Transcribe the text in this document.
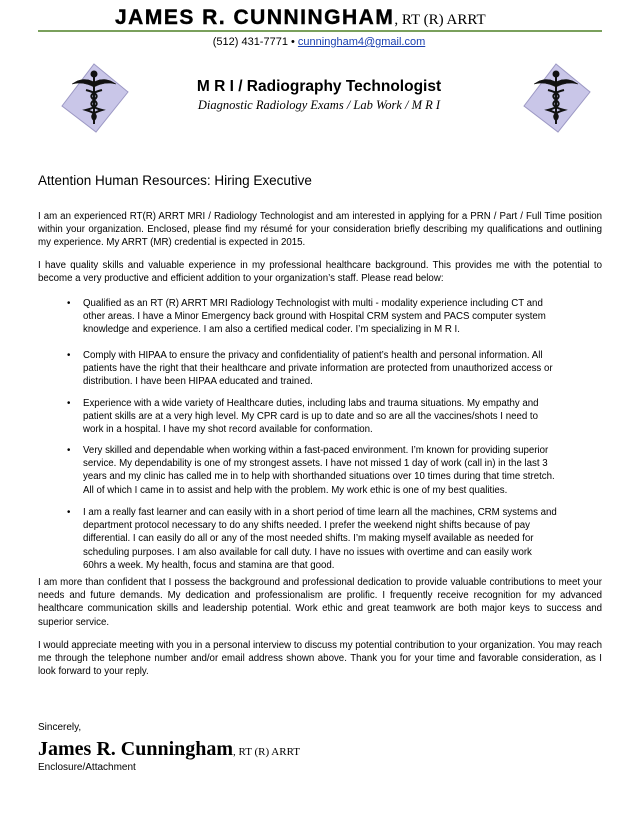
JAMES R. CUNNINGHAM, RT (R) ARRT
(512) 431-7771 • cunningham4@gmail.com
M R I / Radiography Technologist
Diagnostic Radiology Exams / Lab Work / M R I
Attention Human Resources: Hiring Executive
I am an experienced RT(R) ARRT MRI / Radiology Technologist and am interested in applying for a PRN / Part / Full Time position within your organization. Enclosed, please find my résumé for your consideration briefly describing my qualifications and outlining my experience. My ARRT (MR) credential is expected in 2015.
I have quality skills and valuable experience in my professional healthcare background. This provides me with the potential to become a very productive and efficient addition to your organization’s staff. Please read below:
• Qualified as an RT (R) ARRT MRI Radiology Technologist with multi - modality experience including CT and other areas. I have a Minor Emergency back ground with Hospital CRM system and PACS computer system knowledge and experience. I am also a certified medical coder. I’m specializing in M R I.
• Comply with HIPAA to ensure the privacy and confidentiality of patient’s health and personal information. All patients have the right that their healthcare and private information are protected from unauthorized access or distribution. I have been HIPAA educated and trained.
• Experience with a wide variety of Healthcare duties, including labs and trauma situations. My empathy and patient skills are at a very high level. My CPR card is up to date and so are all the vaccines/shots I need to work in a hospital. I have my shot record available for conformation.
• Very skilled and dependable when working within a fast-paced environment. I’m known for providing superior service. My dependability is one of my strongest assets. I have not missed 1 day of work (call in) in the last 3 years and my clinic has called me in to help with shorthanded situations over 10 times during that time stretch. All of which I came in to assist and help with the problem. My work ethic is one of my best qualities.
• I am a really fast learner and can easily with in a short period of time learn all the machines, CRM systems and department protocol necessary to do any shifts needed. I prefer the weekend night shifts because of pay differential. I can easily do all or any of the most needed shifts. I’m making myself available as needed for scheduling purposes. I am also available for call duty. I have no issues with overtime and can easily work 60hrs a week. My health, focus and stamina are that good.
I am more than confident that I possess the background and professional dedication to provide valuable contributions to meet your needs and future demands. My dedication and professionalism are prolific. I frequently receive recognition for my advanced healthcare communication skills and leadership potential. Work ethic and great teamwork are both major keys to success and superior service.
I would appreciate meeting with you in a personal interview to discuss my potential contribution to your organization. You may reach me through the telephone number and/or email address shown above. Thank you for your time and favorable consideration, as I look forward to your reply.
Sincerely,
James R. Cunningham, RT (R) ARRT
Enclosure/Attachment
